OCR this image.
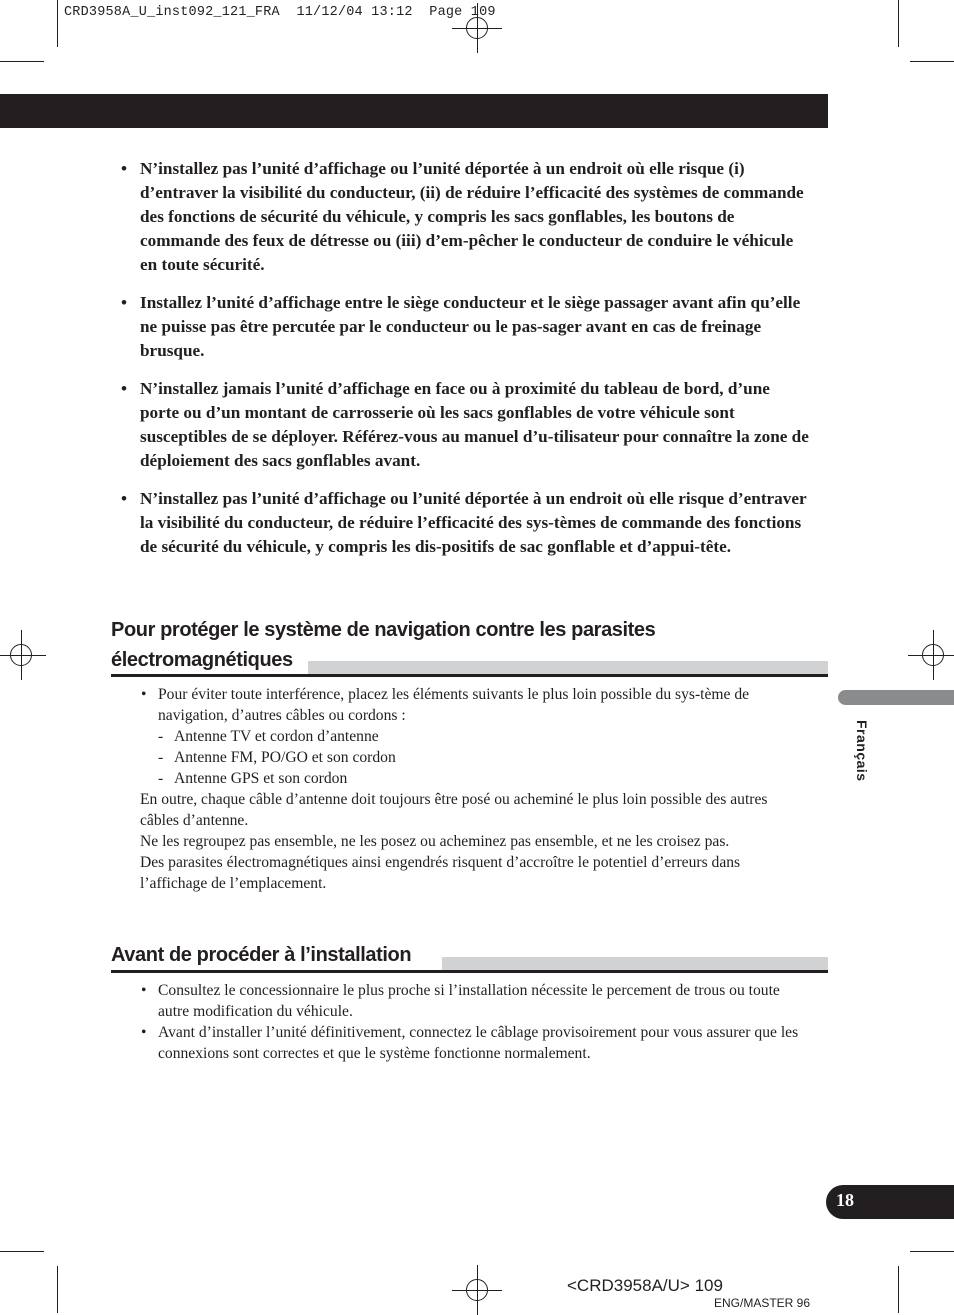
CRD3958A_U_inst092_121_FRA 11/12/04 13:12 Page 109
• N’installez pas l’unité d’affichage ou l’unité déportée à un endroit où elle risque (i) d’entraver la visibilité du conducteur, (ii) de réduire l’efficacité des systèmes de commande des fonctions de sécurité du véhicule, y compris les sacs gonflables, les boutons de commande des feux de détresse ou (iii) d’em-pêcher le conducteur de conduire le véhicule en toute sécurité.
• Installez l’unité d’affichage entre le siège conducteur et le siège passager avant afin qu’elle ne puisse pas être percutée par le conducteur ou le pas-sager avant en cas de freinage brusque.
• N’installez jamais l’unité d’affichage en face ou à proximité du tableau de bord, d’une porte ou d’un montant de carrosserie où les sacs gonflables de votre véhicule sont susceptibles de se déployer. Référez-vous au manuel d’u-tilisateur pour connaître la zone de déploiement des sacs gonflables avant.
• N’installez pas l’unité d’affichage ou l’unité déportée à un endroit où elle risque d’entraver la visibilité du conducteur, de réduire l’efficacité des sys-tèmes de commande des fonctions de sécurité du véhicule, y compris les dis-positifs de sac gonflable et d’appui-tête.
Pour protéger le système de navigation contre les parasites
électromagnétiques
• Pour éviter toute interférence, placez les éléments suivants le plus loin possible du sys-tème de navigation, d’autres câbles ou cordons :
- Antenne TV et cordon d’antenne
- Antenne FM, PO/GO et son cordon
- Antenne GPS et son cordon
En outre, chaque câble d’antenne doit toujours être posé ou acheminé le plus loin possible des autres câbles d’antenne.
Ne les regroupez pas ensemble, ne les posez ou acheminez pas ensemble, et ne les croisez pas.
Des parasites électromagnétiques ainsi engendrés risquent d’accroître le potentiel d’erreurs dans l’affichage de l’emplacement.
Avant de procéder à l’installation
• Consultez le concessionnaire le plus proche si l’installation nécessite le percement de trous ou toute autre modification du véhicule.
• Avant d’installer l’unité définitivement, connectez le câblage provisoirement pour vous assurer que les connexions sont correctes et que le système fonctionne normalement.
Français
18
<CRD3958A/U> 109
ENG/MASTER 96
